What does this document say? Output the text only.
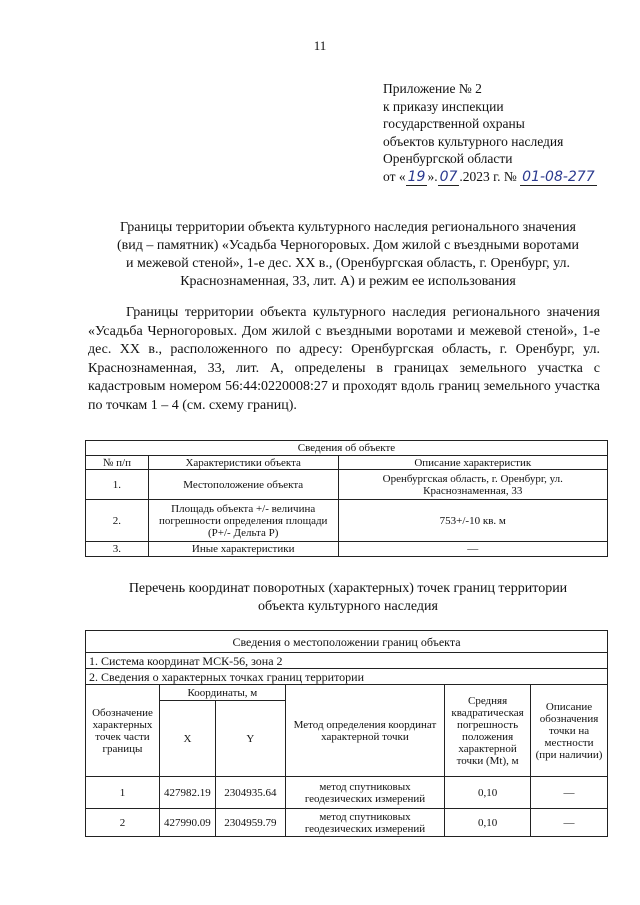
11
Приложение № 2
к приказу инспекции
государственной охраны
объектов культурного наследия
Оренбургской области
от « 19 ». 07 .2023 г. № 01-08-277
Границы территории объекта культурного наследия регионального значения
(вид – памятник) «Усадьба Черногоровых. Дом жилой с въездными воротами
и межевой стеной», 1-е дес. XX в., (Оренбургская область, г. Оренбург, ул.
Краснознаменная, 33, лит. А) и режим ее использования
Границы территории объекта культурного наследия регионального значения «Усадьба Черногоровых. Дом жилой с въездными воротами и межевой стеной», 1-е дес. XX в., расположенного по адресу: Оренбургская область, г. Оренбург, ул. Краснознаменная, 33, лит. А, определены в границах земельного участка с кадастровым номером 56:44:0220008:27 и проходят вдоль границ земельного участка по точкам 1 – 4 (см. схему границ).
Сведения об объекте		
№ п/п	Характеристики объекта	Описание характеристик
1.	Местоположение объекта	Оренбургская область, г. Оренбург, ул. Краснознаменная, 33
2.	Площадь объекта +/- величина погрешности определения площади (P+/- Дельта P)	753+/-10 кв. м
3.	Иные характеристики	—
Перечень координат поворотных (характерных) точек границ территории
объекта культурного наследия
Сведения о местоположении границ объекта					
1. Система координат МСК-56, зона 2					
2. Сведения о характерных точках границ территории					
Обозначение характерных точек части границы	Координаты, м		Метод определения координат характерной точки	Средняя квадратическая погрешность положения характерной точки (Mt), м	Описание обозначения точки на местности (при наличии)
	X	Y			
1	427982.19	2304935.64	метод спутниковых геодезических измерений	0,10	—
2	427990.09	2304959.79	метод спутниковых геодезических измерений	0,10	—
